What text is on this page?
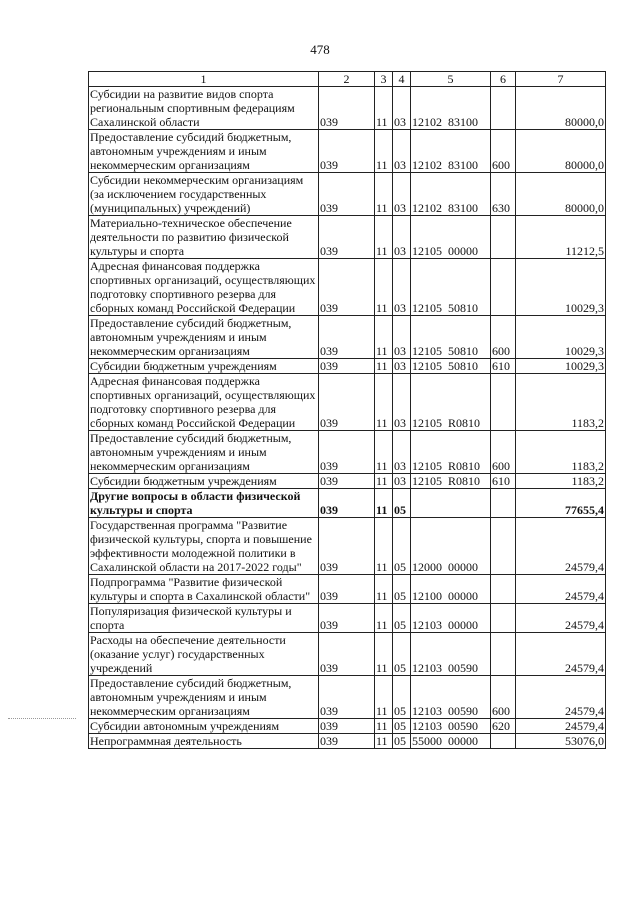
478
1	2	3	4	5	6	7
Субсидии на развитие видов спорта региональным спортивным федерациям Сахалинской области	039	11	03	12102 83100		80000,0
Предоставление субсидий бюджетным, автономным учреждениям и иным некоммерческим организациям	039	11	03	12102 83100	600	80000,0
Субсидии некоммерческим организациям (за исключением государственных (муниципальных) учреждений)	039	11	03	12102 83100	630	80000,0
Материально-техническое обеспечение деятельности по развитию физической культуры и спорта	039	11	03	12105 00000		11212,5
Адресная финансовая поддержка спортивных организаций, осуществляющих подготовку спортивного резерва для сборных команд Российской Федерации	039	11	03	12105 50810		10029,3
Предоставление субсидий бюджетным, автономным учреждениям и иным некоммерческим организациям	039	11	03	12105 50810	600	10029,3
Субсидии бюджетным учреждениям	039	11	03	12105 50810	610	10029,3
Адресная финансовая поддержка спортивных организаций, осуществляющих подготовку спортивного резерва для сборных команд Российской Федерации	039	11	03	12105 R0810		1183,2
Предоставление субсидий бюджетным, автономным учреждениям и иным некоммерческим организациям	039	11	03	12105 R0810	600	1183,2
Субсидии бюджетным учреждениям	039	11	03	12105 R0810	610	1183,2
Другие вопросы в области физической культуры и спорта	039	11	05			77655,4
Государственная программа "Развитие физической культуры, спорта и повышение эффективности молодежной политики в Сахалинской области на 2017-2022 годы"	039	11	05	12000 00000		24579,4
Подпрограмма "Развитие физической культуры и спорта в Сахалинской области"	039	11	05	12100 00000		24579,4
Популяризация физической культуры и спорта	039	11	05	12103 00000		24579,4
Расходы на обеспечение деятельности (оказание услуг) государственных учреждений	039	11	05	12103 00590		24579,4
Предоставление субсидий бюджетным, автономным учреждениям и иным некоммерческим организациям	039	11	05	12103 00590	600	24579,4
Субсидии автономным учреждениям	039	11	05	12103 00590	620	24579,4
Непрограммная деятельность	039	11	05	55000 00000		53076,0
